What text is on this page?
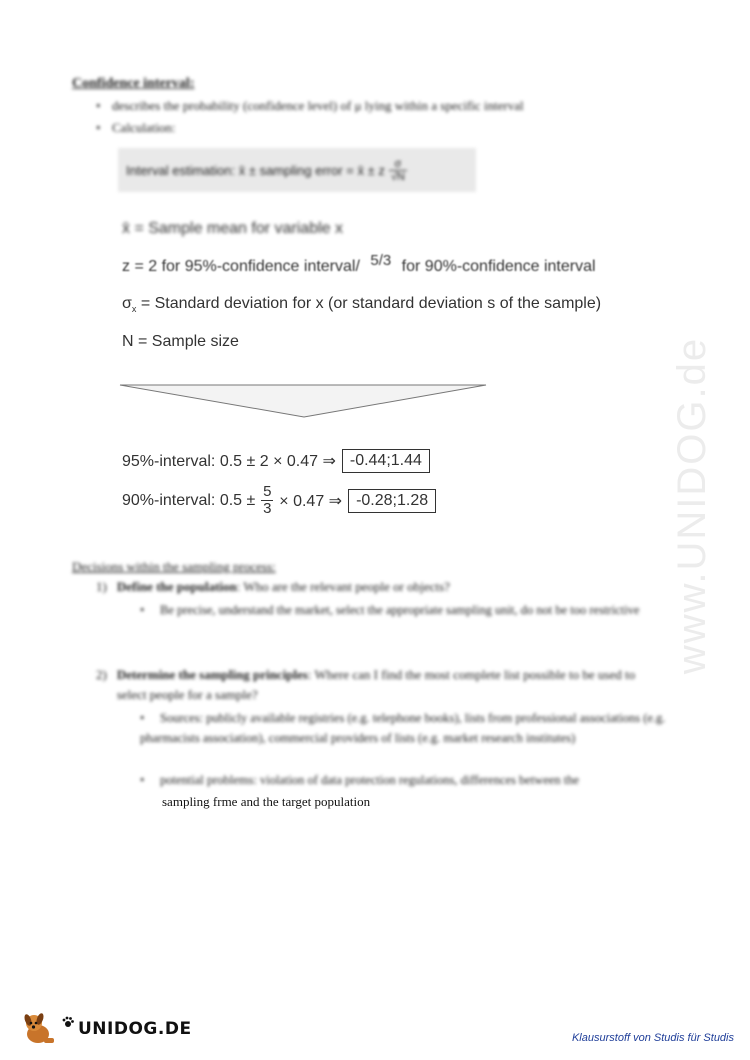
Confidence interval:
• describes the probability (confidence level) of μ lying within a specific interval
• Calculation:
Interval estimation: x̄ ± sampling error = x̄ ± z $\frac{\sigma}{√N}$
x̄ = Sample mean for variable x
z = 2 for 95%-confidence interval/ 5/3 for 90%-confidence interval
$\sigma_x$ = Standard deviation for x (or standard deviation s of the sample)
N = Sample size
95%-interval: 0.5 ± 2 × 0.47 ⇒ -0.44;1.44
90%-interval: 0.5 ± 5
3 × 0.47 ⇒ -0.28;1.28
Decisions within the sampling process:
1) Define the population: Who are the relevant people or objects?
• Be precise, understand the market, select the appropriate sampling unit, do not be too restrictive
2) Determine the sampling principles: Where can I find the most complete list possible to be used to select people for a sample?
• Sources: publicly available registries (e.g. telephone books), lists from professional associations (e.g. pharmacists association), commercial providers of lists (e.g. market research institutes)
• potential problems: violation of data protection regulations, differences between the
sampling frme and the target population
www.UNIDOG.de
UNIDOG.DE	Klausurstoff von Studis für Studis
